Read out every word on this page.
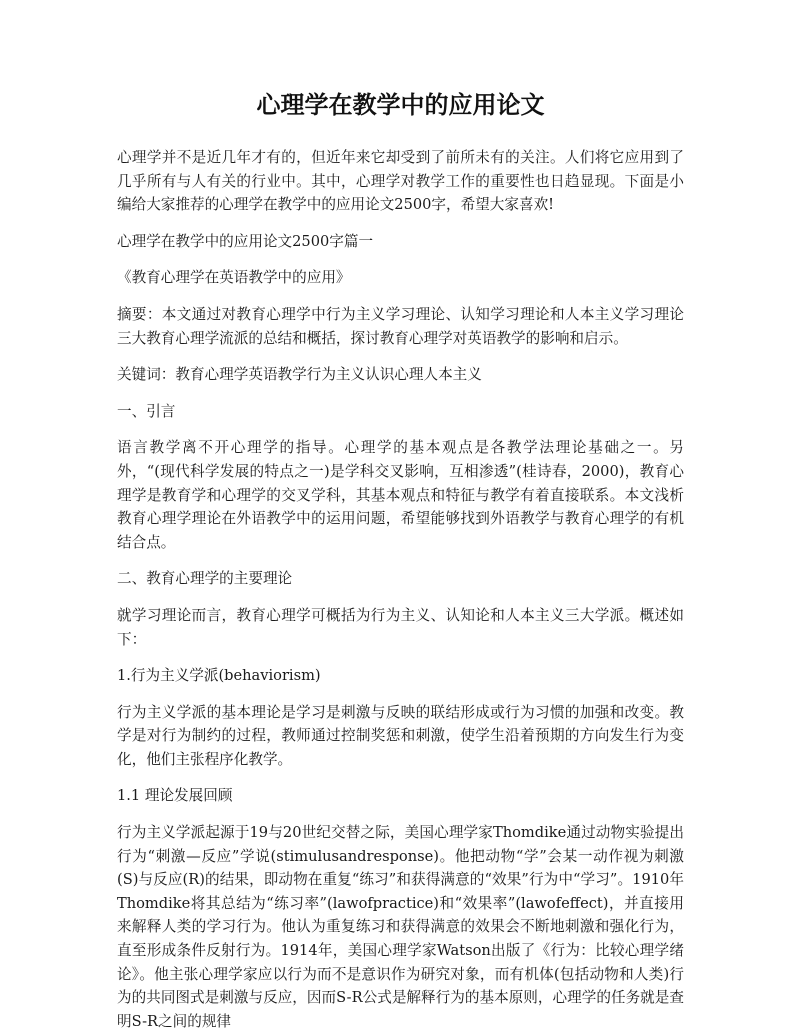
心理学在教学中的应用论文

心理学并不是近几年才有的，但近年来它却受到了前所未有的关注。人们将它应用到了几乎所有与人有关的行业中。其中，心理学对教学工作的重要性也日趋显现。下面是小编给大家推荐的心理学在教学中的应用论文2500字，希望大家喜欢!

心理学在教学中的应用论文2500字篇一

《教育心理学在英语教学中的应用》

摘要：本文通过对教育心理学中行为主义学习理论、认知学习理论和人本主义学习理论三大教育心理学流派的总结和概括，探讨教育心理学对英语教学的影响和启示。

关键词：教育心理学英语教学行为主义认识心理人本主义

一、引言

语言教学离不开心理学的指导。心理学的基本观点是各教学法理论基础之一。另外，“(现代科学发展的特点之一)是学科交叉影响，互相渗透”(桂诗春，2000)，教育心理学是教育学和心理学的交叉学科，其基本观点和特征与教学有着直接联系。本文浅析教育心理学理论在外语教学中的运用问题，希望能够找到外语教学与教育心理学的有机结合点。

二、教育心理学的主要理论

就学习理论而言，教育心理学可概括为行为主义、认知论和人本主义三大学派。概述如下：

1.行为主义学派(behaviorism)

行为主义学派的基本理论是学习是刺激与反映的联结形成或行为习惯的加强和改变。教学是对行为制约的过程，教师通过控制奖惩和刺激，使学生沿着预期的方向发生行为变化，他们主张程序化教学。

1.1 理论发展回顾

行为主义学派起源于19与20世纪交替之际，美国心理学家Thomdike通过动物实验提出行为“刺激—反应”学说(stimulusandresponse)。他把动物“学”会某一动作视为刺激(S)与反应(R)的结果，即动物在重复“练习”和获得满意的“效果”行为中“学习”。1910年Thomdike将其总结为“练习率”(lawofpractice)和“效果率”(lawofeffect)，并直接用来解释人类的学习行为。他认为重复练习和获得满意的效果会不断地刺激和强化行为，直至形成条件反射行为。1914年，美国心理学家Watson出版了《行为：比较心理学绪论》。他主张心理学家应以行为而不是意识作为研究对象，而有机体(包括动物和人类)行为的共同图式是刺激与反应，因而S-R公式是解释行为的基本原则，心理学的任务就是查明S-R之间的规律
